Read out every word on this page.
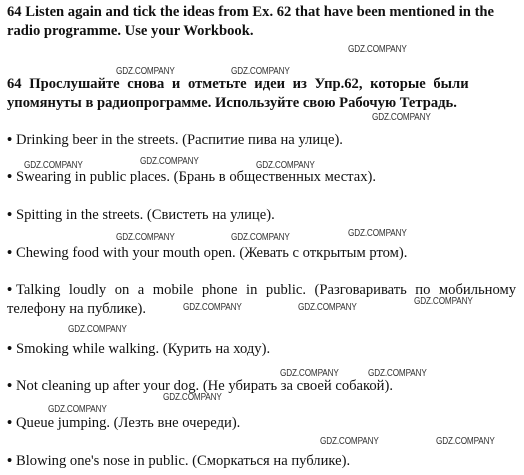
64 Listen again and tick the ideas from Ex. 62 that have been mentioned in the
radio programme. Use your Workbook.
64 Прослушайте снова и отметьте идеи из Упр.62, которые были
упомянуты в радиопрограмме. Используйте свою Рабочую Тетрадь.
• Drinking beer in the streets. (Распитие пива на улице).
• Swearing in public places. (Брань в общественных местах).
• Spitting in the streets. (Свистеть на улице).
• Chewing food with your mouth open. (Жевать с открытым ртом).
• Talking loudly on a mobile phone in public. (Разговаривать по мобильному телефону на публике).
• Smoking while walking. (Курить на ходу).
• Not cleaning up after your dog. (Не убирать за своей собакой).
• Queue jumping. (Лезть вне очереди).
• Blowing one's nose in public. (Сморкаться на публике).
GDZ.COMPANY
GDZ.COMPANY	GDZ.COMPANY
GDZ.COMPANY
GDZ.COMPANY	GDZ.COMPANY	GDZ.COMPANY
GDZ.COMPANY	GDZ.COMPANY	GDZ.COMPANY
GDZ.COMPANY	GDZ.COMPANY
GDZ.COMPANY
GDZ.COMPANY
GDZ.COMPANY	GDZ.COMPANY
GDZ.COMPANY
GDZ.COMPANY
GDZ.COMPANY	GDZ.COMPANY
